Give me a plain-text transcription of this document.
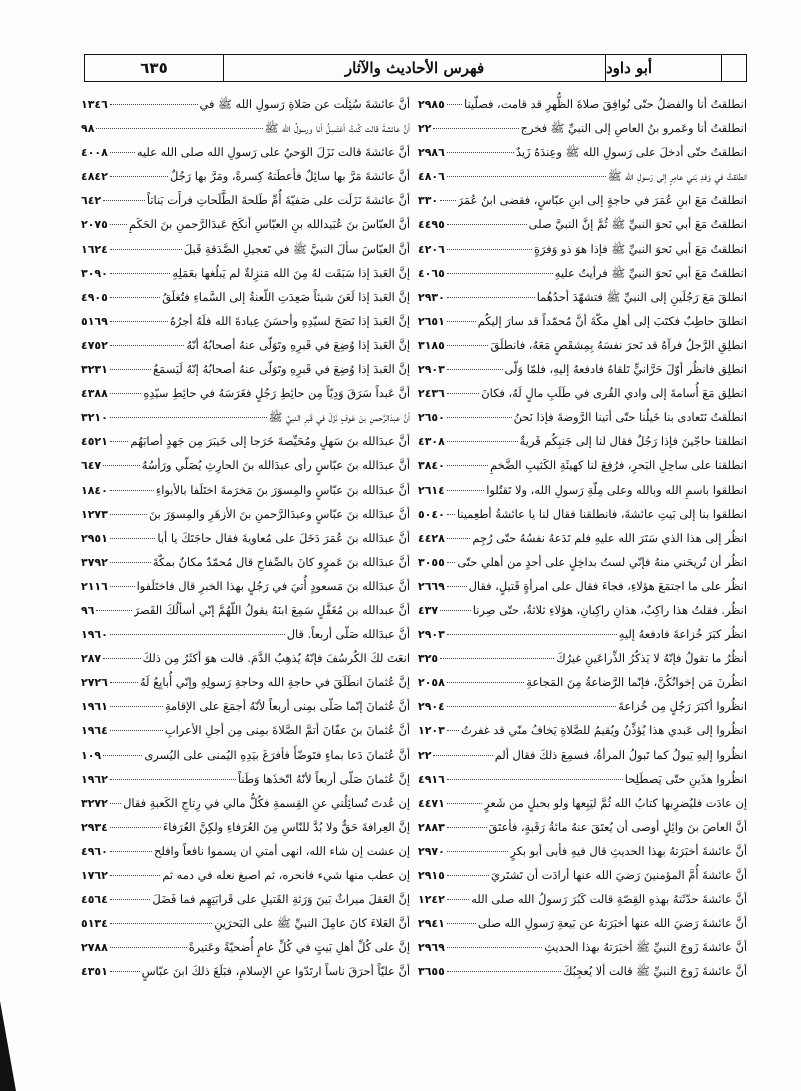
أبو داود
فهرس الأحاديث والآثار
٦٣٥
انطلقتُ أنا والفضلُ حتّى نُوافِقَ صلاةَ الظُّهرِ قد قامت، فصلّينا
٢٩٨٥
انطلقتُ أنا وعَمرو بنُ العاصِ إلى النبيِّ ﷺ فخرج
٢٢
انطلقتُ حتّى أدخلَ على رَسولِ الله ﷺ وعِندَهُ زَيدٌ
٢٩٨٦
انطلقتُ في وَفدِ بَني عامِرٍ إلى رَسولِ الله ﷺ
٤٨٠٦
انطلقتُ مَعَ ابنِ عُمَرَ في حاجةٍ إلى ابنِ عبّاسٍ، فقضى ابنُ عُمَرَ
٣٣٠
انطلقتُ مَعَ أبي نَحوَ النبيِّ ﷺ ثُمَّ إنَّ النبيَّ صلى
٤٤٩٥
انطلقتُ مَعَ أبي نَحوَ النبيِّ ﷺ فإذا هوَ ذو وَفرَةٍ
٤٢٠٦
انطلقتُ مَعَ أبي نَحوَ النبيِّ ﷺ فرأيتُ عليهِ
٤٠٦٥
انطلقَ مَعَ رَجُلَينِ إلى النبيِّ ﷺ فتشهّدَ أحدُهُما
٢٩٣٠
انطلقَ حاطِبٌ فكتَبَ إلى أهلِ مكّةَ أنَّ مُحمّداً قد سارَ إليكُم
٢٦٥١
انطلِقِ الرَّجلُ فرآهُ قد نَحرَ نفسَهُ بِمِشقَصٍ مَعَهُ، فانطلَقَ
٣١٨٥
انطلِق فانظُر أوّلَ حَرَّانيٍّ تَلقاهُ فادفعهُ إليهِ، فلمّا وَلّى
٢٩٠٣
انطلِق مَعَ أُسامةَ إلى وادي القُرى في طَلَبِ مالٍ لَهُ، فكانَ
٢٤٣٦
انطلَقتُ نَتَعادى بنا خَيلُنا حتّى أتينا الرَّوضةَ فإذا نَحنُ
٢٦٥٠
انطلقنا حاجّينَ فإذا رَجُلٌ فقال لنا إلى جَنبِكُم قَريةٌ
٤٣٠٨
انطلقنا على ساحِلِ البَحرِ، فرُفِعَ لنا كهيئَةِ الكَثيبِ الضَّخمِ
٣٨٤٠
انطلقوا باسمِ الله وبالله وعلى مِلّةِ رَسولِ الله، ولا تَقتُلوا
٢٦١٤
انطلقوا بنا إلى بَيتِ عائشةَ، فانطلقنا فقال لنا يا عائشةُ أطعِمينا
٥٠٤٠
انظُر إلى هذا الذي سَتَرَ الله عليهِ فلم تَدَعهُ نفسُهُ حتّى رُجِم
٤٤٢٨
انظُر أن تُريحَني منهُ فإنّي لستُ بداخِلٍ على أحدٍ من أهلي حتّى
٣٠٥٥
انظُر على ما اجتمَعَ هؤلاءِ، فجاءَ فقال على امرأةٍ قَتيلٍ، فقال
٢٦٦٩
انظُر. فقلتُ هذا راكِبٌ، هذانِ راكِبانِ، هؤلاءِ ثلاثةٌ، حتّى صِرنا
٤٣٧
انظُر كبَرَ خُزاعةَ فادفعهُ إليهِ
٢٩٠٣
أنظُرُ ما تقولُ فإنّهُ لا يَذكُرُ الذِّراعَينِ غيرُكَ
٣٢٥
انظُرنَ مَن إخوانُكُنَّ، فإنّما الرَّضاعةُ مِنَ المَجاعةِ
٢٠٥٨
انظُروا أكبَرَ رَجُلٍ مِن خُزاعةَ
٢٩٠٤
انظُروا إلى عَبدي هذا يُؤذِّنُ ويُقيمُ للصَّلاةِ يَخافُ منّي قد غفرتُ
١٢٠٣
انظُروا إليهِ يَبولُ كما تَبولُ المرأةُ، فسمِعَ ذلكَ فقال ألم
٢٢
انظُروا هذَينِ حتّى يَصطَلِحا
٤٩١٦
إن عادَت فليُضرِبها كتابُ الله ثُمَّ ليَبِعها ولو بحبلٍ من شَعرٍ
٤٤٧١
أنَّ العاصَ بنَ وائِلٍ أوصى أن يُعتَقَ عنهُ مائةُ رَقَبةٍ، فأعتَقَ
٢٨٨٣
أنَّ عائشةَ أخبَرَتهُ بهذا الحديثِ قال فيهِ فأبى أبو بكرٍ
٢٩٧٠
أنَّ عائشةَ أُمَّ المؤمنينَ رَضيَ الله عنها أرادَت أن تَشتَريَ
٢٩١٥
أنَّ عائشةَ حدّثَتهُ بهذهِ القِصّةِ قالت كَبُرَ رَسولُ الله صلى الله
١٢٤٢
أنَّ عائشةَ رَضيَ الله عنها أخبَرَتهُ عن بَيعةِ رَسولِ الله صلى
٢٩٤١
أنَّ عائشةَ زَوجَ النبيِّ ﷺ أخبَرَتهُ بهذا الحديثِ
٢٩٦٩
أنَّ عائشةَ زَوجَ النبيِّ ﷺ قالت ألا يُعجِبُكَ
٣٦٥٥
أنَّ عائشةَ سُئِلَت عن صَلاةِ رَسولِ الله ﷺ في
١٣٤٦
أنَّ عائشةَ قالت كُنتُ أغتَسِلُ أنا ورسولُ الله ﷺ
٩٨
أنَّ عائشةَ قالت نَزَلَ الوَحيُ على رَسولِ الله صلى الله عليه
٤٠٠٨
أنَّ عائشةَ مَرَّ بها سائِلٌ فأعطَتهُ كِسرةً، ومَرَّ بها رَجُلٌ
٤٨٤٢
أنَّ عائشةَ نَزَلَت على صَفيّةَ أُمِّ طَلحةَ الطَّلَحاتِ فرأَت بَناتاً
٦٤٢
أنَّ العبّاسَ بنَ عُبَيدالله بنِ العبّاسِ أنكَحَ عَبدَالرَّحمنِ بنَ الحَكَمِ
٢٠٧٥
أنَّ العبّاسَ سألَ النبيَّ ﷺ في تَعجيلِ الصَّدَقةِ قَبلَ
١٦٢٤
إنَّ العَبدَ إذا سَبَقَت لهُ مِنَ الله مَنزِلةٌ لم يَبلُغها بعَمَلِهِ
٣٠٩٠
إنَّ العَبدَ إذا لَعَنَ شيئاً صَعِدَتِ اللّعنةُ إلى السَّماءِ فتُغلَقُ
٤٩٠٥
إنَّ العَبدَ إذا نَصَحَ لسيّدِهِ وأحسَنَ عِبادةَ الله فلَهُ أجرُهُ
٥١٦٩
إنَّ العَبدَ إذا وُضِعَ في قَبرِهِ وتَوَلّى عنهُ أصحابُهُ أنّهُ
٤٧٥٢
إنَّ العَبدَ إذا وُضِعَ في قَبرِهِ وتَوَلّى عنهُ أصحابُهُ إنّهُ لَيَسمَعُ
٣٢٣١
أنَّ عَبداً سَرَقَ وَدِيّاً مِن حائِطِ رَجُلٍ فغَرَسَهُ في حائِطِ سيّدِهِ
٤٣٨٨
أنَّ عبدَالرَّحمنِ بنَ عَوفٍ نَزَلَ في قَبرِ النبيِّ ﷺ
٣٢١٠
أنَّ عبدَالله بنَ سَهلٍ ومُحَيِّصةَ خَرَجا إلى خَيبَرَ مِن جَهدٍ أصابَهُم
٤٥٢١
أنَّ عبدَالله بنَ عبّاسٍ رأى عبدَالله بنَ الحارِثِ يُصَلّي ورَأسُهُ
٦٤٧
أنَّ عبدَالله بنَ عبّاسٍ والمِسوَرَ بنَ مَخرَمةَ اختَلَفا بالأبواءِ
١٨٤٠
أنَّ عبدَالله بنَ عبّاسٍ وعبدَالرَّحمنِ بنَ الأزهَرِ والمِسوَرَ بنَ
١٢٧٣
أنَّ عبدَالله بنَ عُمَرَ دَخَلَ على مُعاويةَ فقال حاجَتَكَ يا أبا
٢٩٥١
أنَّ عبدَالله بنَ عَمرٍو كانَ بالصِّفاحِ قال مُحمّدٌ مكانٌ بمكّةَ
٣٧٩٢
أنَّ عبدَالله بنَ مَسعودٍ أُتيَ في رَجُلٍ بهذا الخبرِ قال فاختَلَفوا
٢١١٦
أنَّ عبدالله بن مُغَفَّلٍ سَمِعَ ابنَهُ يقولُ اللّهُمَّ إنّي أسألُكَ القَصرَ
٩٦
أنَّ عبدَالله صَلّى أربعاً. قال
١٩٦٠
انعَتَ لكَ الكُرسُفَ فإنّهُ يُذهِبُ الدَّمَ. قالت هوَ أكثَرُ مِن ذلكَ
٢٨٧
إنَّ عُثمانَ انطَلَقَ في حاجةِ الله وحاجةِ رَسولِهِ وإنّي أُبايِعُ لَهُ
٢٧٢٦
أنَّ عُثمانَ إنّما صَلّى بمِنى أربعاً لأنّهُ أجمَعَ على الإقامةِ
١٩٦١
أنَّ عُثمانَ بنَ عفّانَ أتمَّ الصَّلاةَ بمِنى مِن أجلِ الأعرابِ
١٩٦٤
أنَّ عُثمانَ دَعا بماءٍ فتَوضّأَ فأفرَغَ بيَدِهِ اليُمنى على اليُسرى
١٠٩
إنَّ عُثمانَ صَلّى أربعاً لأنّهُ اتّخذَها وَطَناً
١٩٦٢
إن عُدتَ تُسائِلُني عنِ القِسمةِ فكُلُّ مالي في رِتاجِ الكَعبةِ فقال
٣٢٧٢
إنَّ العِرافةَ حَقٌّ ولا بُدَّ للنّاسِ مِنَ العُرَفاءِ ولكِنَّ العُرَفاءَ
٢٩٣٤
إن عشت إن شاء الله، انهى أمتي ان يسموا نافعاً وافلح
٤٩٦٠
إن عطب منها شيء فانحره، ثم اصبغ نعله في دمه ثم
١٧٦٢
إنَّ العَقلَ ميراثٌ بَينَ وَرَثةِ القَتيلِ على قَرابَتِهِم فما فَضَلَ
٤٥٦٤
أنَّ العَلاءَ كانَ عامِلَ النبيِّ ﷺ على البَحرَينِ
٥١٣٤
إنَّ على كُلِّ أهلِ بَيتٍ في كُلِّ عامٍ أُضحيّةً وعَتيرةً
٢٧٨٨
أنَّ عليّاً أحرَقَ ناساً ارتَدّوا عنِ الإسلامِ، فبَلَغَ ذلكَ ابنَ عبّاسٍ
٤٣٥١
